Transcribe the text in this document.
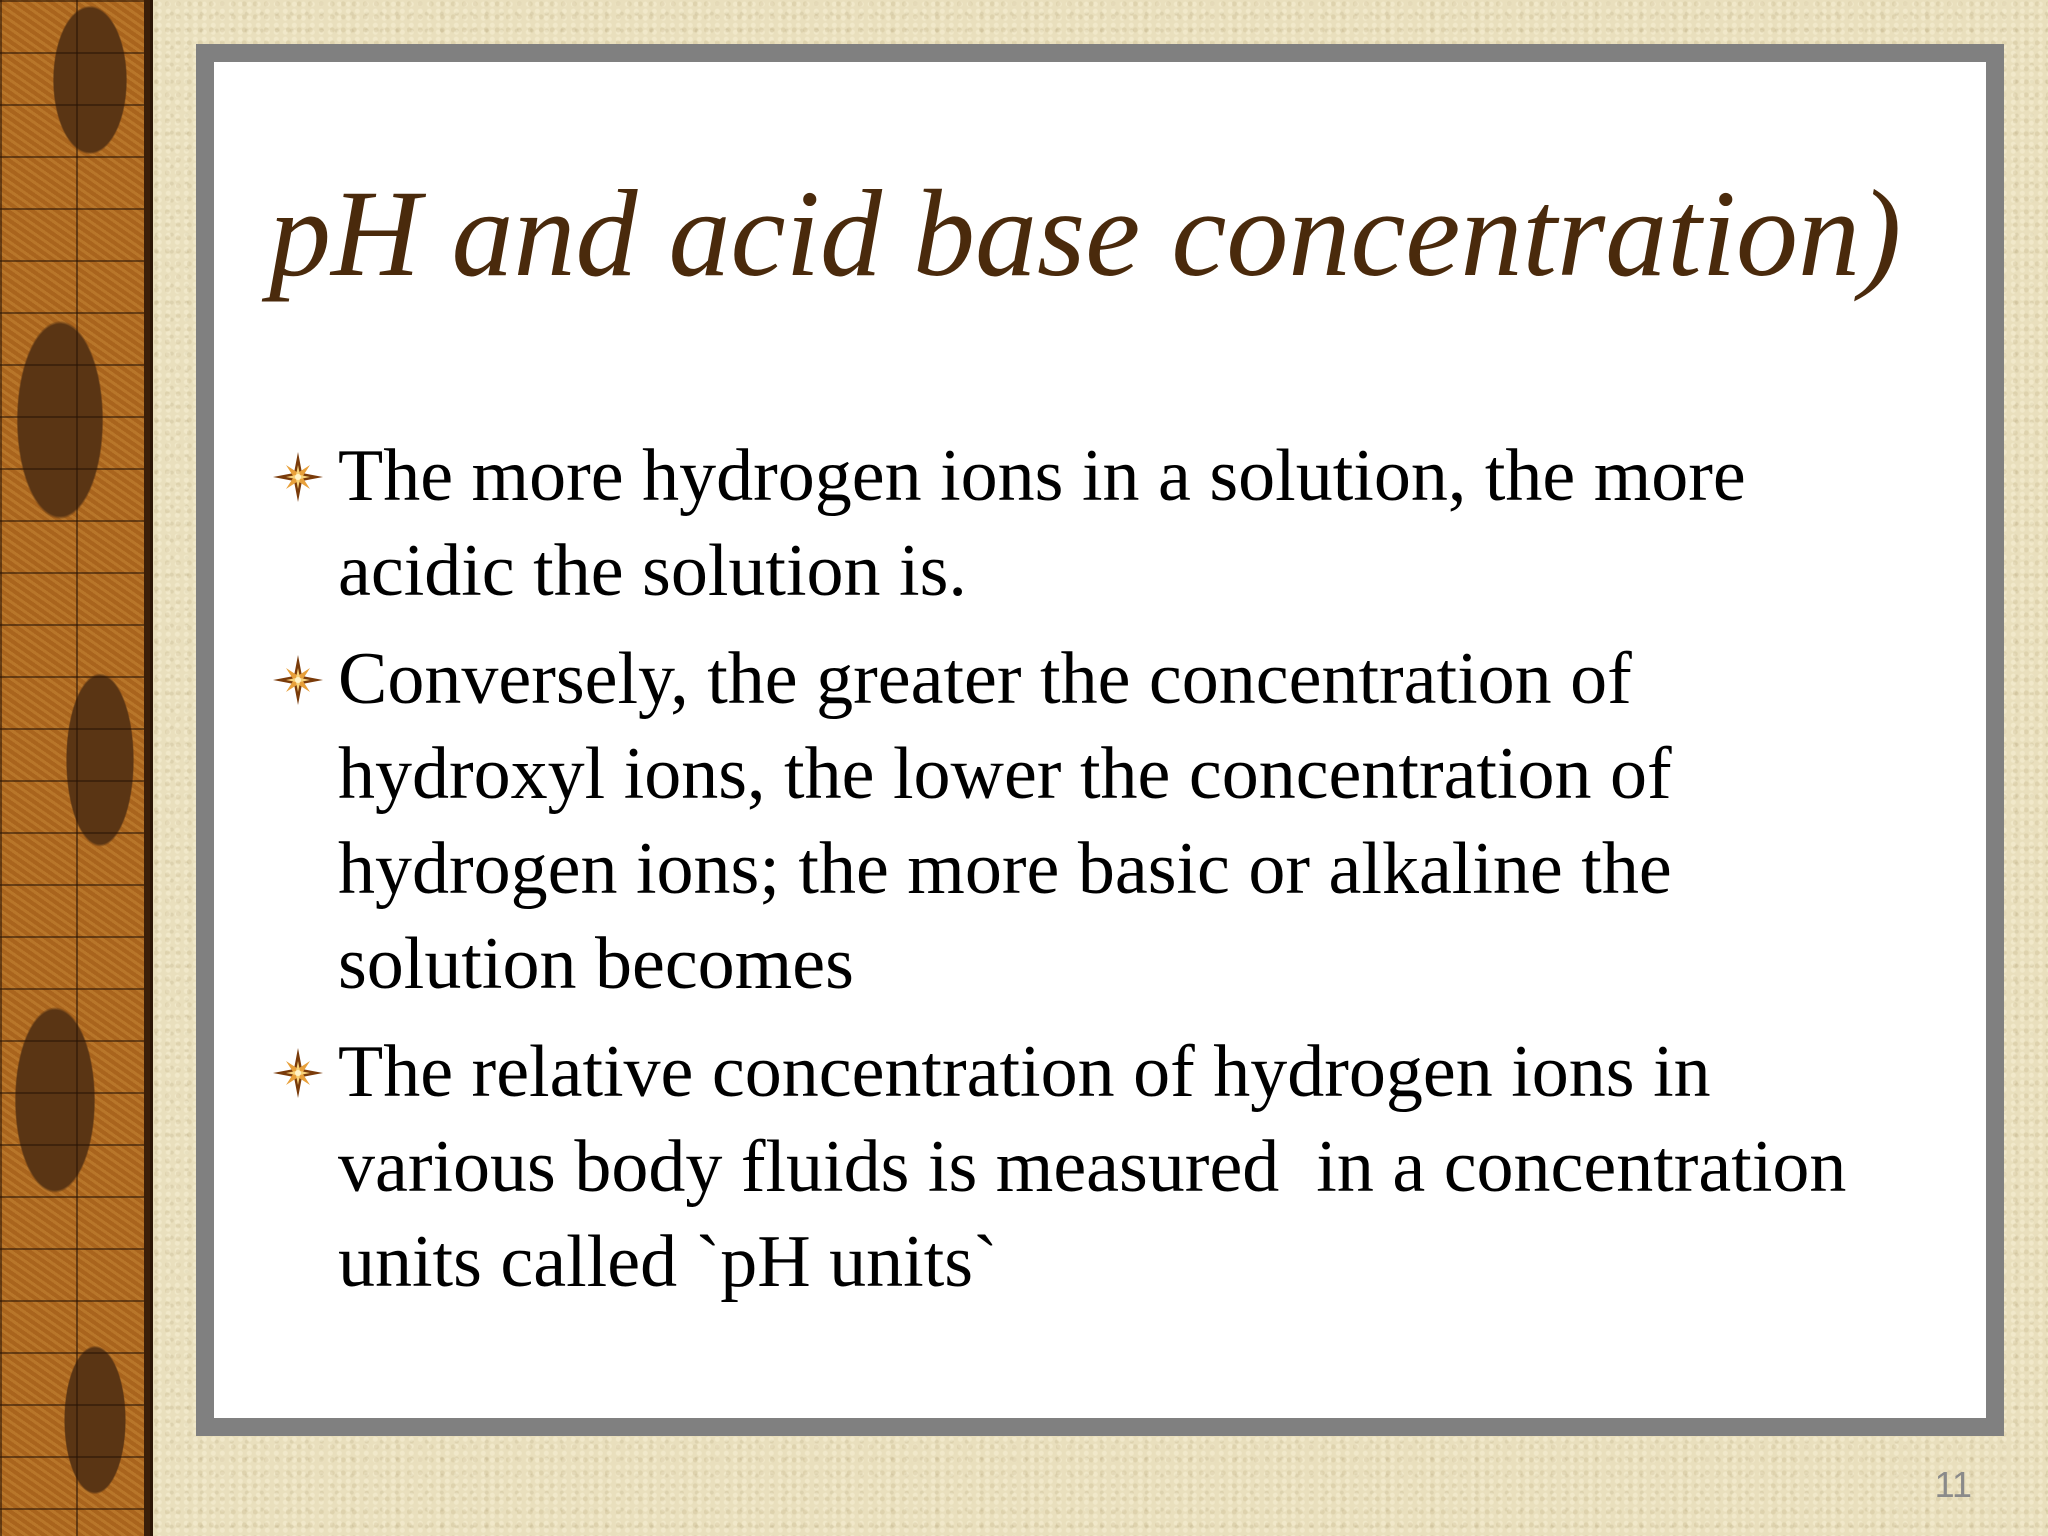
pH and acid base concentration)
The more hydrogen ions in a solution, the more
acidic the solution is.
Conversely, the greater the concentration of
hydroxyl ions, the lower the concentration of
hydrogen ions; the more basic or alkaline the
solution becomes
The relative concentration of hydrogen ions in
various body fluids is measured  in a concentration
units called `pH units`
11
